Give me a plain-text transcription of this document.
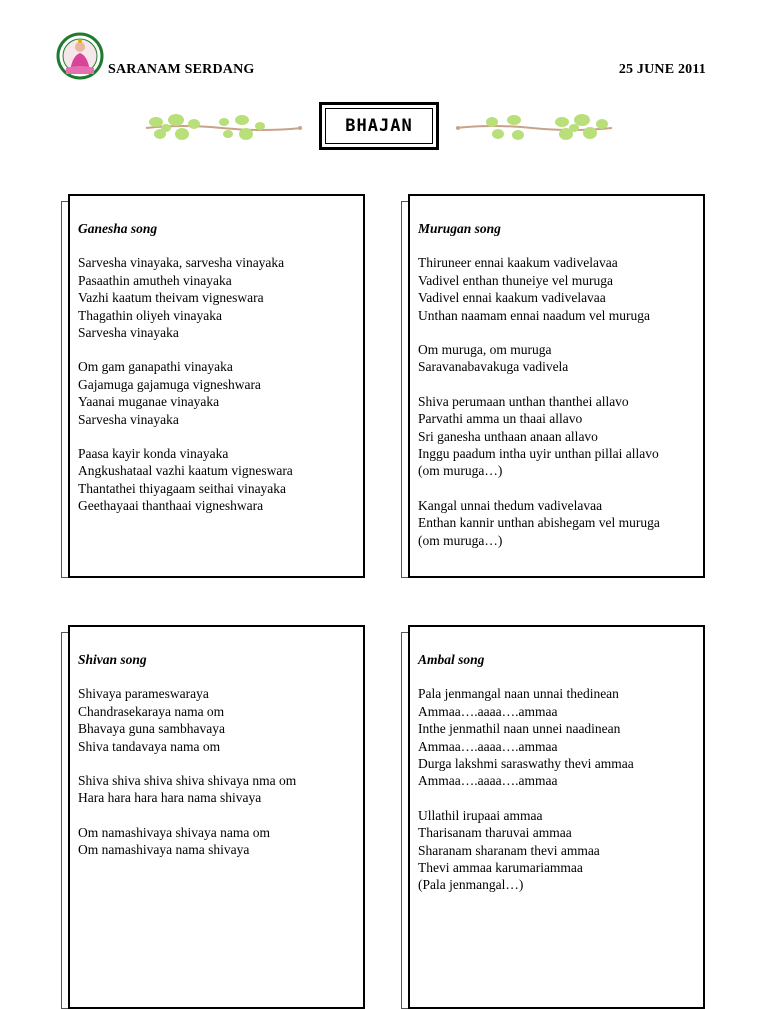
SARANAM SERDANG	25 JUNE 2011
BHAJAN
Ganesha song
Sarvesha vinayaka, sarvesha vinayaka
Pasaathin amutheh vinayaka
Vazhi kaatum theivam vigneswara
Thagathin oliyeh vinayaka
Sarvesha vinayaka
Om gam ganapathi vinayaka
Gajamuga gajamuga vigneshwara
Yaanai muganae vinayaka
Sarvesha vinayaka
Paasa kayir konda vinayaka
Angkushataal vazhi kaatum vigneswara
Thantathei thiyagaam seithai vinayaka
Geethayaai thanthaai vigneshwara
Murugan song
Thiruneer ennai kaakum vadivelavaa
Vadivel enthan thuneiye vel muruga
Vadivel ennai kaakum vadivelavaa
Unthan naamam ennai naadum vel muruga
Om muruga, om muruga
Saravanabavakuga vadivela
Shiva perumaan unthan thanthei allavo
Parvathi amma un thaai allavo
Sri ganesha unthaan anaan allavo
Inggu paadum intha uyir unthan pillai allavo
(om muruga…)
Kangal unnai thedum vadivelavaa
Enthan kannir unthan abishegam vel muruga
(om muruga…)
Shivan song
Shivaya parameswaraya
Chandrasekaraya nama om
Bhavaya guna sambhavaya
Shiva tandavaya nama om
Shiva shiva shiva shiva shivaya nma om
Hara hara hara hara nama shivaya
Om namashivaya shivaya nama om
Om namashivaya nama shivaya
Ambal song
Pala jenmangal naan unnai thedinean
Ammaa….aaaa….ammaa
Inthe jenmathil naan unnei naadinean
Ammaa….aaaa….ammaa
Durga lakshmi saraswathy thevi ammaa
Ammaa….aaaa….ammaa
Ullathil irupaai ammaa
Tharisanam tharuvai ammaa
Sharanam sharanam thevi ammaa
Thevi ammaa karumariammaa
(Pala jenmangal…)
